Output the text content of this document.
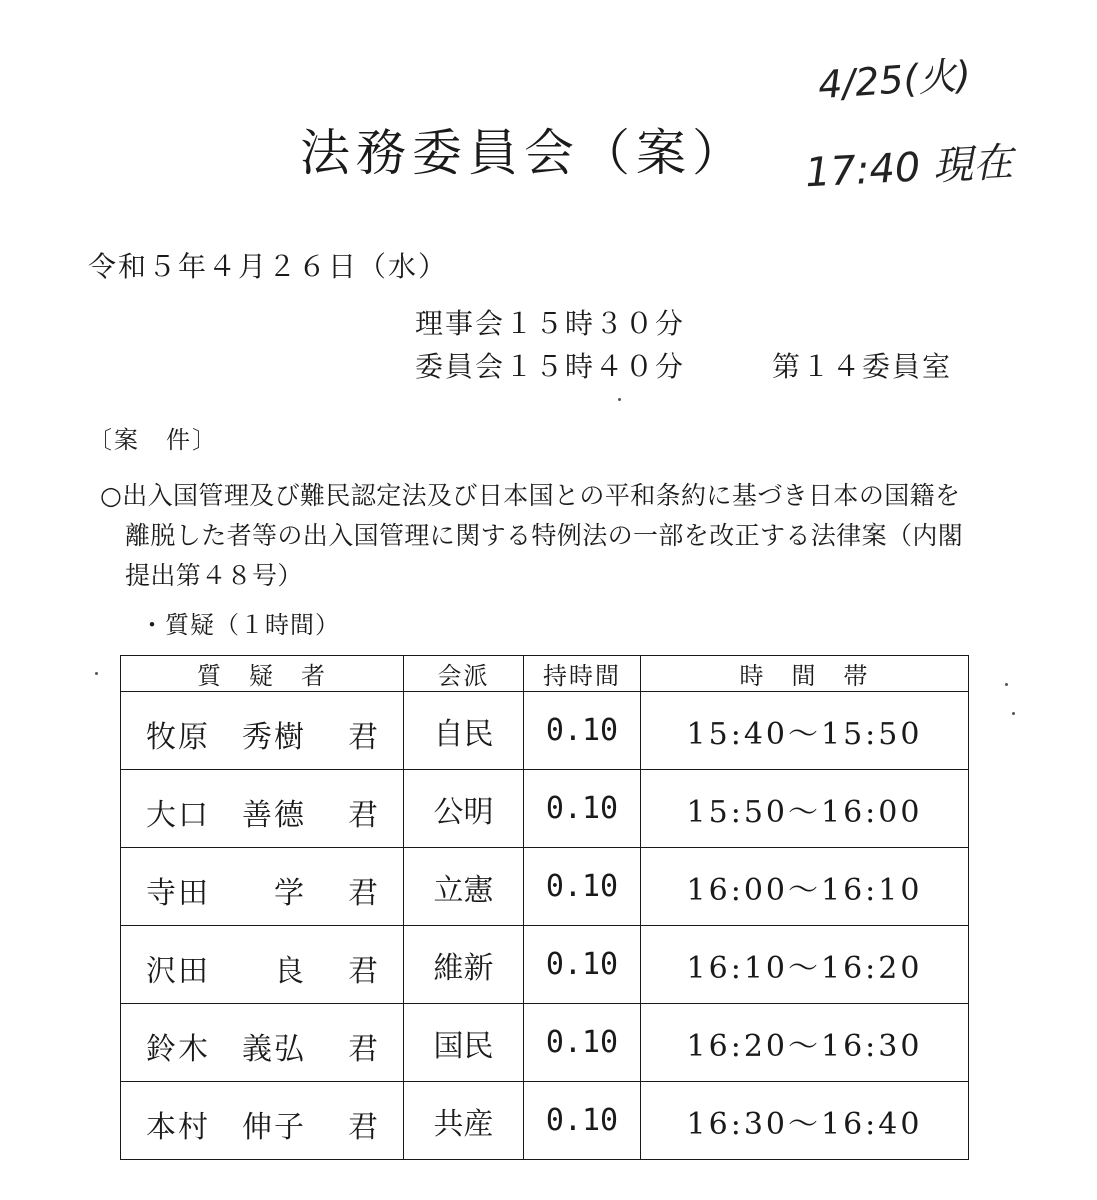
法務委員会（案）
4/25(火)
17:40 現在
令和５年４月２６日（水）
理事会１５時３０分
委員会１５時４０分	第１４委員室
〔案　件〕
○出入国管理及び難民認定法及び日本国との平和条約に基づき日本の国籍を
離脱した者等の出入国管理に関する特例法の一部を改正する法律案（内閣
提出第４８号）
・質疑（１時間）
質　疑　者	会派	持時間	時　間　帯

牧原　秀樹 君	自民	0.10	15:40～15:50

大口　善德 君	公明	0.10	15:50～16:00

寺田　　学 君	立憲	0.10	16:00～16:10

沢田　　良 君	維新	0.10	16:10～16:20

鈴木　義弘 君	国民	0.10	16:20～16:30

本村　伸子 君	共産	0.10	16:30～16:40
